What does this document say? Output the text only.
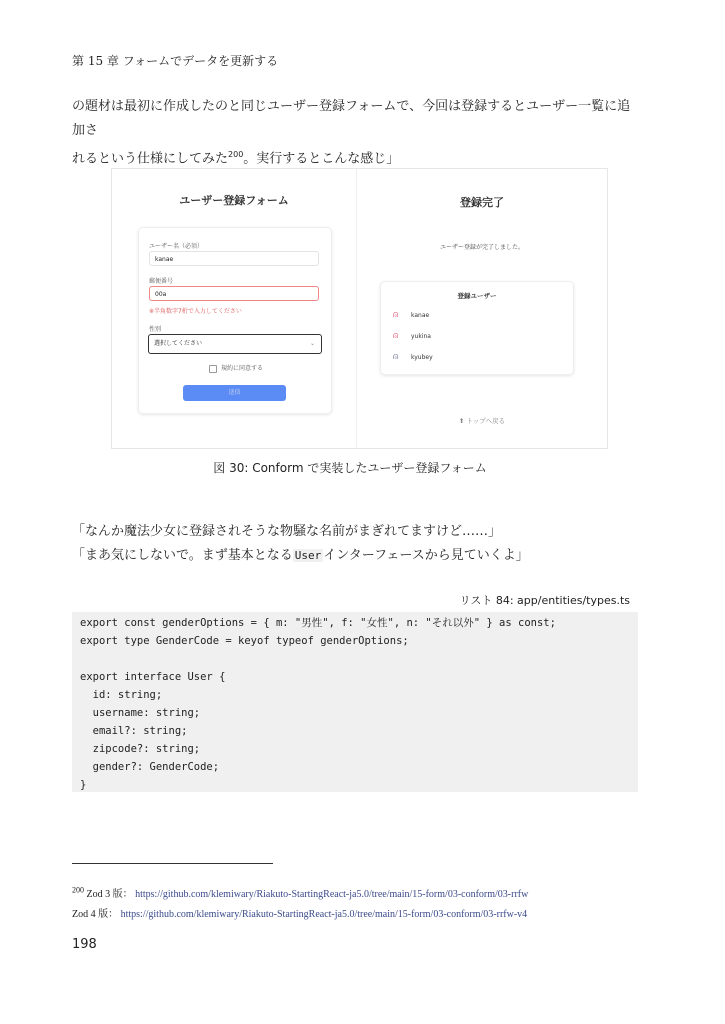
第 15 章 フォームでデータを更新する
の題材は最初に作成したのと同じユーザー登録フォームで、今回は登録するとユーザー一覧に追加さ
れるという仕様にしてみた$^{200}$。実行するとこんな感じ」
ユーザー登録フォーム
ユーザー名（必須）
kanae
郵便番号
00a
※半角数字7桁で入力してください
性別
選択してください	⌄
規約に同意する
送信
登録完了
ユーザー登録が完了しました。
登録ユーザー
⍝ kanae
⍝ yukina
⍝ kyubey
⬆ トップへ戻る
図 30: Conform で実装したユーザー登録フォーム
「なんか魔法少女に登録されそうな物騒な名前がまぎれてますけど……」
「まあ気にしないで。まず基本となる User インターフェースから見ていくよ」
リスト 84: app/entities/types.ts
export const genderOptions = { m: "男性", f: "女性", n: "それ以外" } as const;
export type GenderCode = keyof typeof genderOptions;

export interface User {
id: string;
username: string;
email?: string;
zipcode?: string;
gender?: GenderCode;
}
$^{200}$ Zod 3 版： https://github.com/klemiwary/Riakuto-StartingReact-ja5.0/tree/main/15-form/03-conform/03-rrfw
Zod 4 版： https://github.com/klemiwary/Riakuto-StartingReact-ja5.0/tree/main/15-form/03-conform/03-rrfw-v4
198
